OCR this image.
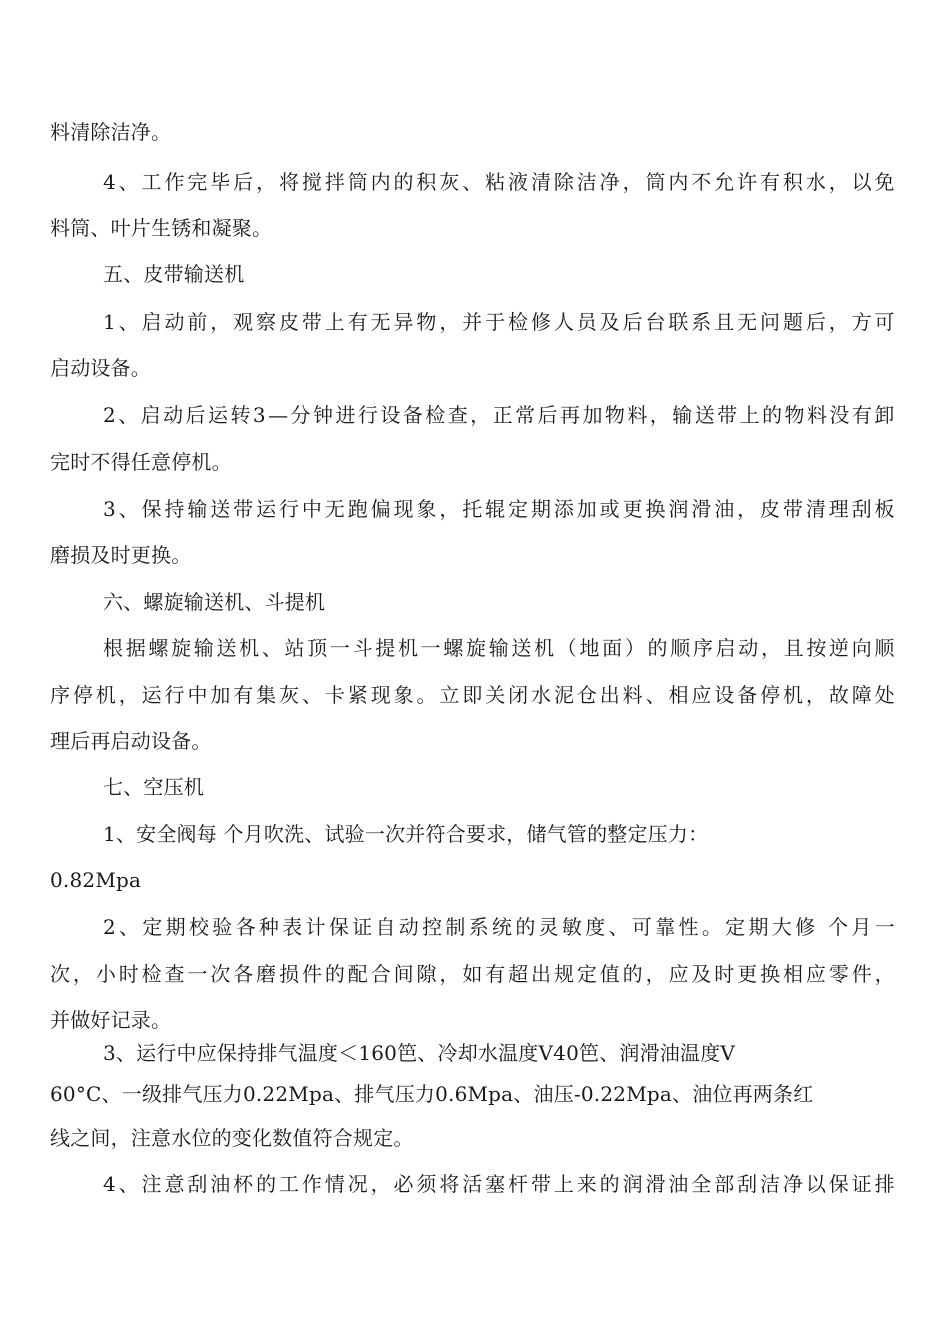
料清除洁净。
4 、 工 作 完 毕 后 ， 将 搅 拌 筒 内 的 积 灰 、 粘 液 清 除 洁 净 ， 筒 内 不 允 许 有 积 水 ， 以 免
料筒、叶片生锈和凝聚。
五、皮带输送机
1 、 启 动 前 ， 观 察 皮 带 上 有 无 异 物 ， 并 于 检 修 人 员 及 后 台 联 系 且 无 问 题 后 ， 方 可
启动设备。
2 、 启 动 后 运 转 3 — 分 钟 进 行 设 备 检 查 ， 正 常 后 再 加 物 料 ， 输 送 带 上 的 物 料 没 有 卸
完时不得任意停机。
3 、 保 持 输 送 带 运 行 中 无 跑 偏 现 象 ， 托 辊 定 期 添 加 或 更 换 润 滑 油 ， 皮 带 清 理 刮 板
磨损及时更换。
六、螺旋输送机、斗提机
根 据 螺 旋 输 送 机 、 站 顶 一 斗 提 机 一 螺 旋 输 送 机 （ 地 面 ） 的 顺 序 启 动 ， 且 按 逆 向 顺
序 停 机 ， 运 行 中 加 有 集 灰 、 卡 紧 现 象 。 立 即 关 闭 水 泥 仓 出 料 、 相 应 设 备 停 机 ， 故 障 处
理后再启动设备。
七、空压机
1、安全阀每 个月吹洗、试验一次并符合要求，储气管的整定压力：
0.82Mpa
2 、 定 期 校 验 各 种 表 计 保 证 自 动 控 制 系 统 的 灵 敏 度 、 可 靠 性 。 定 期 大 修
个 月 一
次 ， 小 时 检 查 一 次 各 磨 损 件 的 配 合 间 隙 ， 如 有 超 出 规 定 值 的 ， 应 及 时 更 换 相 应 零 件 ，
并做好记录。
3、运行中应保持排气温度＜160笆、冷却水温度V40笆、润滑油温度V
60°C、一级排气压力0.22Mpa、排气压力0.6Mpa、油压-0.22Mpa、油位再两条红
线之间，注意水位的变化数值符合规定。
4 、 注 意 刮 油 杯 的 工 作 情 况 ， 必 须 将 活 塞 杆 带 上 来 的 润 滑 油 全 部 刮 洁 净 以 保 证 排
